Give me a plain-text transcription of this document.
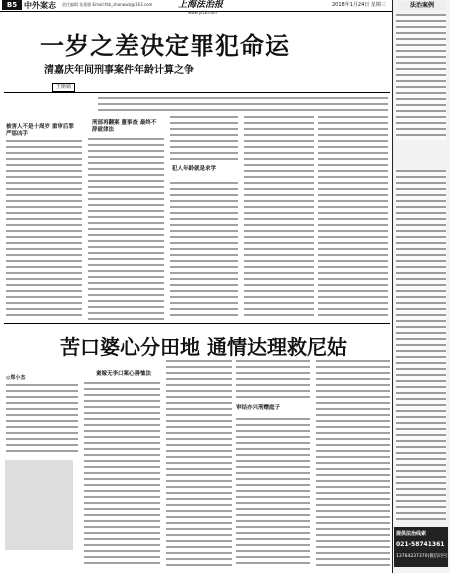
B5 中外案志 责任编辑 张菊敏 Email:fzb_shanwub@163.com	上海法治报
www.yfzb.com
2018年1月24日 星期三
一岁之差决定罪犯命运
清嘉庆年间刑事案件年龄计算之争
王斯婧
被害人不是十周岁 重审后罪严惩凶手
刑部再翻案 董事查 最终不辞就律法
犯人年龄就是求学
苦口婆心分田地 通情达理救尼姑
◎郑小杰
童嫁无李口案心善恤法
审结亦兴刑赠庭子
法治案例
提供法治线索
021-58741361
13764237370(微信同号)
